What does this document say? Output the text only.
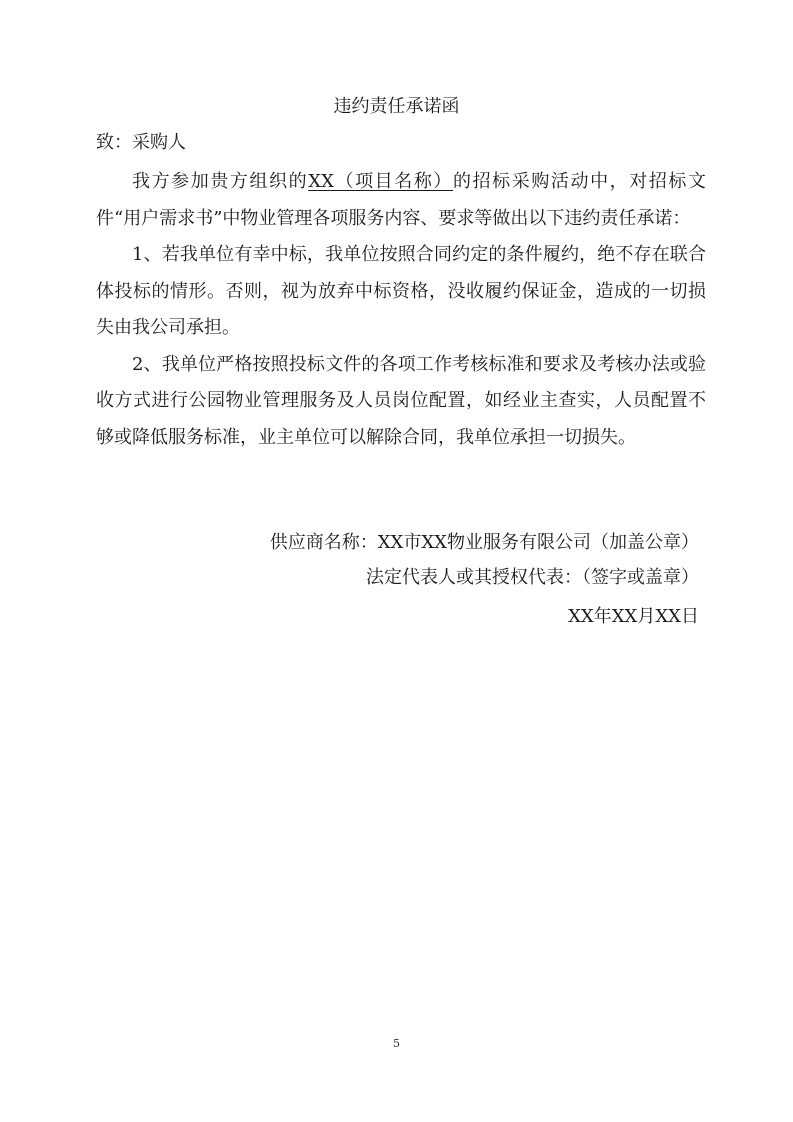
违约责任承诺函
致：采购人

我方参加贵方组织的XX（项目名称）的招标采购活动中，对招标文件“用户需求书”中物业管理各项服务内容、要求等做出以下违约责任承诺：

1、若我单位有幸中标，我单位按照合同约定的条件履约，绝不存在联合体投标的情形。否则，视为放弃中标资格，没收履约保证金，造成的一切损失由我公司承担。

2、我单位严格按照投标文件的各项工作考核标准和要求及考核办法或验收方式进行公园物业管理服务及人员岗位配置，如经业主查实，人员配置不够或降低服务标准，业主单位可以解除合同，我单位承担一切损失。

供应商名称：XX市XX物业服务有限公司（加盖公章）
法定代表人或其授权代表：（签字或盖章）
XX年XX月XX日
5
